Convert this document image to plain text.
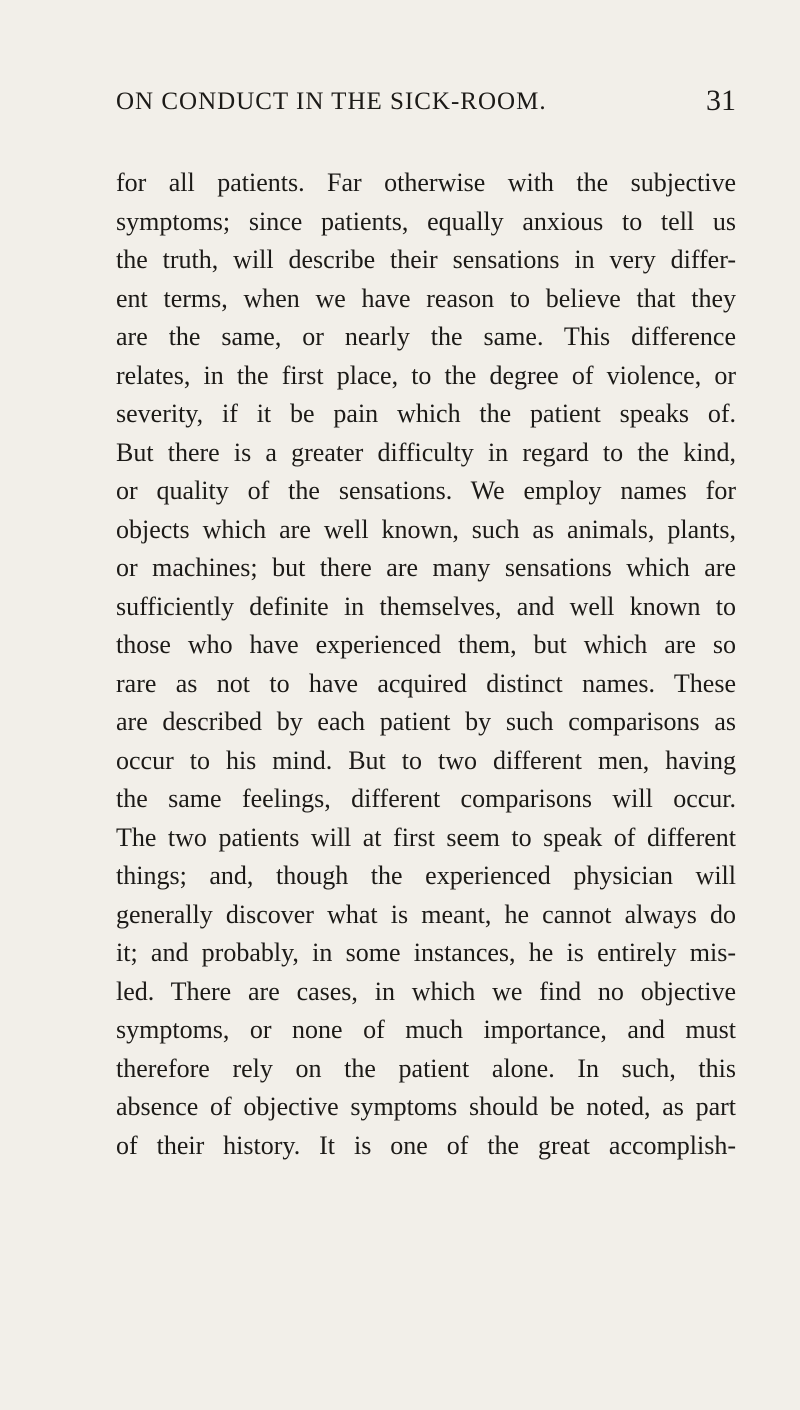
ON CONDUCT IN THE SICK-ROOM.	31
for all patients. Far otherwise with the subjective
symptoms; since patients, equally anxious to tell us
the truth, will describe their sensations in very differ-
ent terms, when we have reason to believe that they
are the same, or nearly the same. This difference
relates, in the first place, to the degree of violence, or
severity, if it be pain which the patient speaks of.
But there is a greater difficulty in regard to the kind,
or quality of the sensations. We employ names for
objects which are well known, such as animals, plants,
or machines; but there are many sensations which are
sufficiently definite in themselves, and well known to
those who have experienced them, but which are so
rare as not to have acquired distinct names. These
are described by each patient by such comparisons as
occur to his mind. But to two different men, having
the same feelings, different comparisons will occur.
The two patients will at first seem to speak of different
things; and, though the experienced physician will
generally discover what is meant, he cannot always do
it; and probably, in some instances, he is entirely mis-
led. There are cases, in which we find no objective
symptoms, or none of much importance, and must
therefore rely on the patient alone. In such, this
absence of objective symptoms should be noted, as part
of their history. It is one of the great accomplish-
